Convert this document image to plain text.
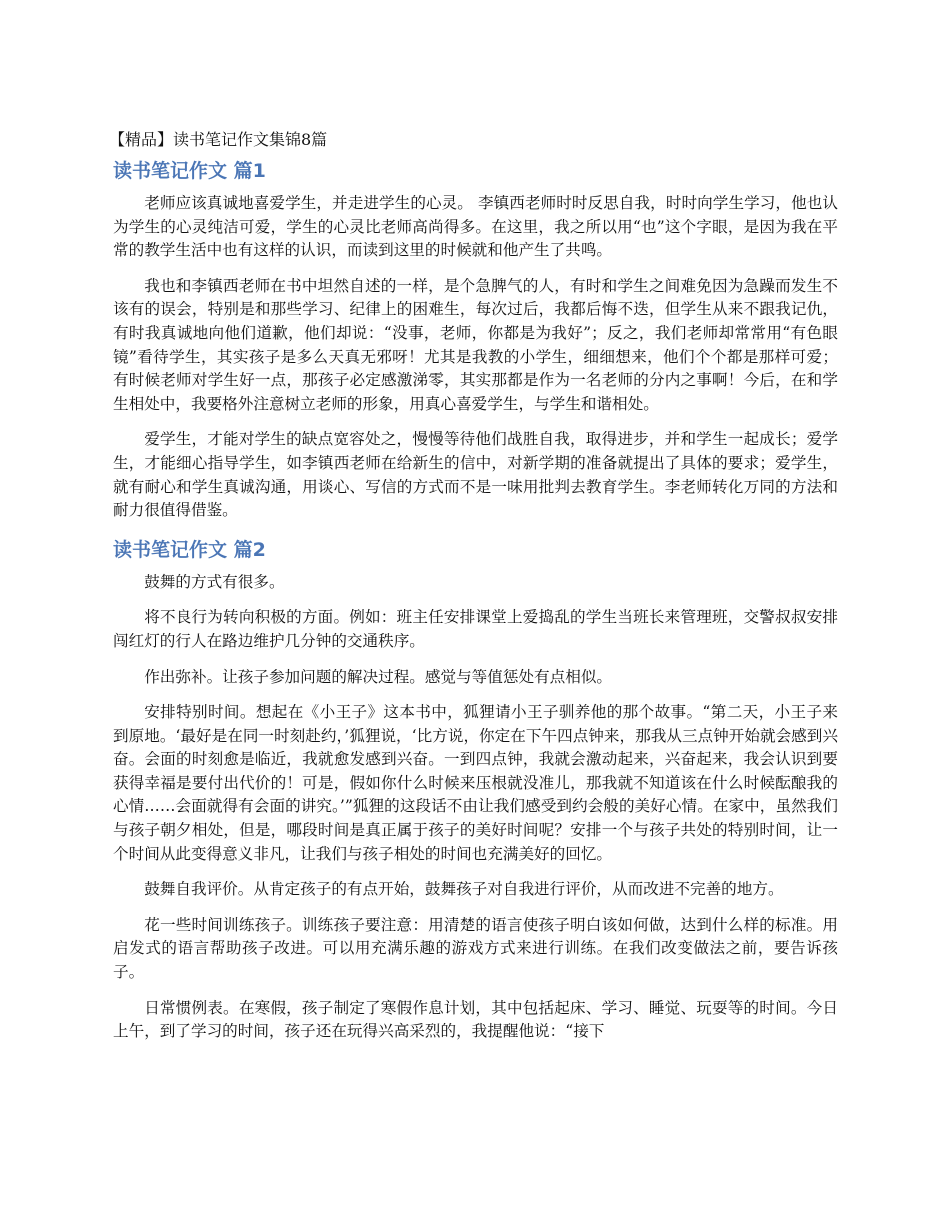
【精品】读书笔记作文集锦8篇
读书笔记作文 篇1

老师应该真诚地喜爱学生，并走进学生的心灵。 李镇西老师时时反思自我，时时向学生学习，他也认为学生的心灵纯洁可爱，学生的心灵比老师高尚得多。在这里，我之所以用“也”这个字眼，是因为我在平常的教学生活中也有这样的认识，而读到这里的时候就和他产生了共鸣。

我也和李镇西老师在书中坦然自述的一样，是个急脾气的人，有时和学生之间难免因为急躁而发生不该有的误会，特别是和那些学习、纪律上的困难生，每次过后，我都后悔不迭，但学生从来不跟我记仇，有时我真诚地向他们道歉，他们却说：“没事，老师，你都是为我好”；反之，我们老师却常常用“有色眼镜”看待学生，其实孩子是多么天真无邪呀！尤其是我教的小学生，细细想来，他们个个都是那样可爱；有时候老师对学生好一点，那孩子必定感激涕零，其实那都是作为一名老师的分内之事啊！今后，在和学生相处中，我要格外注意树立老师的形象，用真心喜爱学生，与学生和谐相处。

爱学生，才能对学生的缺点宽容处之，慢慢等待他们战胜自我，取得进步，并和学生一起成长；爱学生，才能细心指导学生，如李镇西老师在给新生的信中，对新学期的准备就提出了具体的要求；爱学生，就有耐心和学生真诚沟通，用谈心、写信的方式而不是一味用批判去教育学生。李老师转化万同的方法和耐力很值得借鉴。

读书笔记作文 篇2

鼓舞的方式有很多。

将不良行为转向积极的方面。例如：班主任安排课堂上爱捣乱的学生当班长来管理班，交警叔叔安排闯红灯的行人在路边维护几分钟的交通秩序。

作出弥补。让孩子参加问题的解决过程。感觉与等值惩处有点相似。

安排特别时间。想起在《小王子》这本书中，狐狸请小王子驯养他的那个故事。“第二天，小王子来到原地。‘最好是在同一时刻赴约，’狐狸说，‘比方说，你定在下午四点钟来，那我从三点钟开始就会感到兴奋。会面的时刻愈是临近，我就愈发感到兴奋。一到四点钟，我就会激动起来，兴奋起来，我会认识到要获得幸福是要付出代价的！可是，假如你什么时候来压根就没准儿，那我就不知道该在什么时候酝酿我的心情……会面就得有会面的讲究。’”狐狸的这段话不由让我们感受到约会般的美好心情。在家中，虽然我们与孩子朝夕相处，但是，哪段时间是真正属于孩子的美好时间呢？安排一个与孩子共处的特别时间，让一个时间从此变得意义非凡，让我们与孩子相处的时间也充满美好的回忆。

鼓舞自我评价。从肯定孩子的有点开始，鼓舞孩子对自我进行评价，从而改进不完善的地方。

花一些时间训练孩子。训练孩子要注意：用清楚的语言使孩子明白该如何做，达到什么样的标准。用启发式的语言帮助孩子改进。可以用充满乐趣的游戏方式来进行训练。在我们改变做法之前，要告诉孩子。

日常惯例表。在寒假，孩子制定了寒假作息计划，其中包括起床、学习、睡觉、玩耍等的时间。今日上午，到了学习的时间，孩子还在玩得兴高采烈的，我提醒他说：“接下
